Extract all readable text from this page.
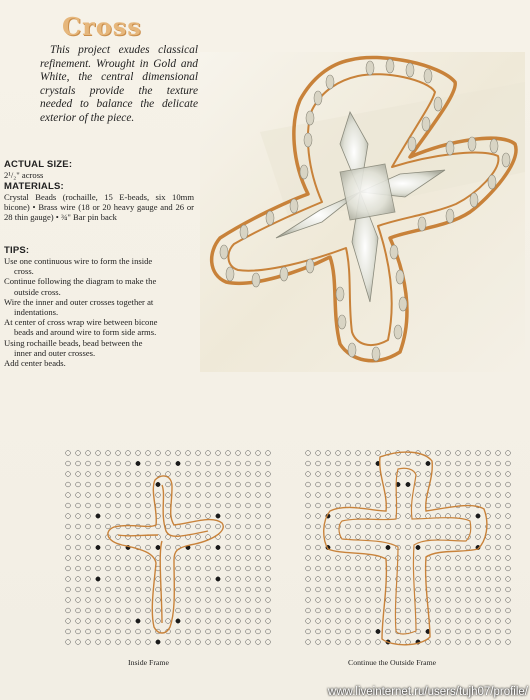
Cross

This project exudes classical refinement. Wrought in Gold and White, the central dimensional crystals provide the texture needed to balance the delicate exterior of the piece.

ACTUAL SIZE:

2¹/₂" across

MATERIALS:

Crystal Beads (rochaille, 15 E-beads, six 10mm bicone) • Brass wire (18 or 20 heavy gauge and 26 or 28 thin gauge) • ¾" Bar pin back

TIPS:

Use one continuous wire to form the inside cross.
Continue following the diagram to make the outside cross.
Wire the inner and outer crosses together at indentations.
At center of cross wrap wire between bicone beads and around wire to form side arms.
Using rochaille beads, bead between the inner and outer crosses.
Add center beads.
Inside Frame	Continue the Outside Frame
www.liveinternet.ru/users/tujh07/profile/
